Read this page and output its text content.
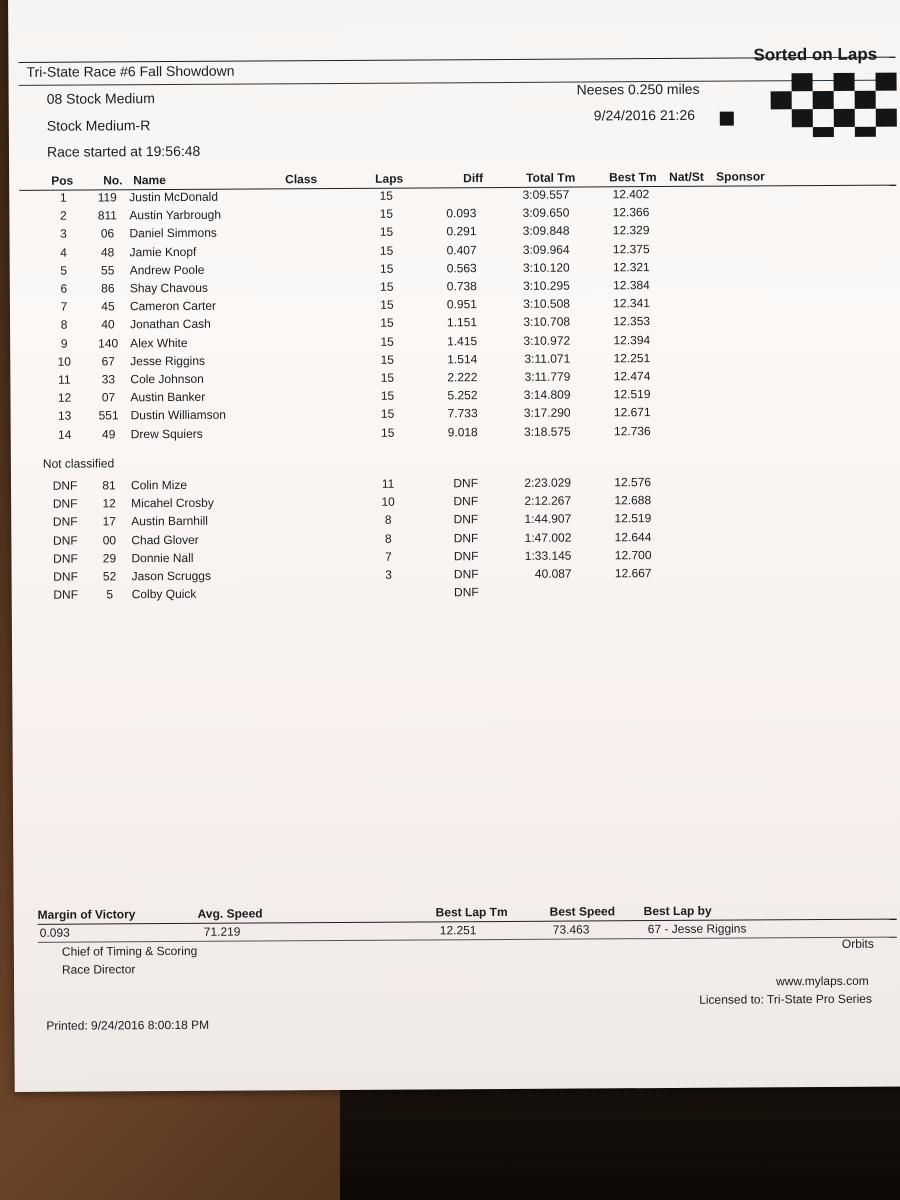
Sorted on Laps
Tri-State Race #6 Fall Showdown
08 Stock Medium
Neeses 0.250 miles
Stock Medium-R
9/24/2016 21:26
Race started at 19:56:48
Pos No. Name	Class	Laps	Diff	Total Tm	Best Tm Nat/St Sponsor
1	119	Justin McDonald	15	3:09.557	12.402
2	811	Austin Yarbrough	15	0.093	3:09.650	12.366
3	06	Daniel Simmons	15	0.291	3:09.848	12.329
4	48	Jamie Knopf	15	0.407	3:09.964	12.375
5	55	Andrew Poole	15	0.563	3:10.120	12.321
6	86	Shay Chavous	15	0.738	3:10.295	12.384
7	45	Cameron Carter	15	0.951	3:10.508	12.341
8	40	Jonathan Cash	15	1.151	3:10.708	12.353
9	140 Alex White	15	1.415	3:10.972	12.394
10	67	Jesse Riggins	15	1.514	3:11.071	12.251
11	33	Cole Johnson	15	2.222	3:11.779	12.474
12	07	Austin Banker	15	5.252	3:14.809	12.519
13	551 Dustin Williamson	15	7.733	3:17.290	12.671
14	49	Drew Squiers	15	9.018	3:18.575	12.736
Not classified
DNF	81	Colin Mize	11	DNF	2:23.029	12.576
DNF	12	Micahel Crosby	10	DNF	2:12.267	12.688
DNF	17	Austin Barnhill	8	DNF	1:44.907	12.519
DNF	00	Chad Glover	8	DNF	1:47.002	12.644
DNF	29	Donnie Nall	7	DNF	1:33.145	12.700
DNF	52	Jason Scruggs	3	DNF	40.087	12.667
DNF	5	Colby Quick	DNF
Margin of Victory	Avg. Speed	Best Lap Tm	Best Speed Best Lap by
0.093	71.219	12.251	73.463	67 - Jesse Riggins
Chief of Timing & Scoring
Orbits
Race Director
www.mylaps.com
Licensed to: Tri-State Pro Series
Printed: 9/24/2016 8:00:18 PM
